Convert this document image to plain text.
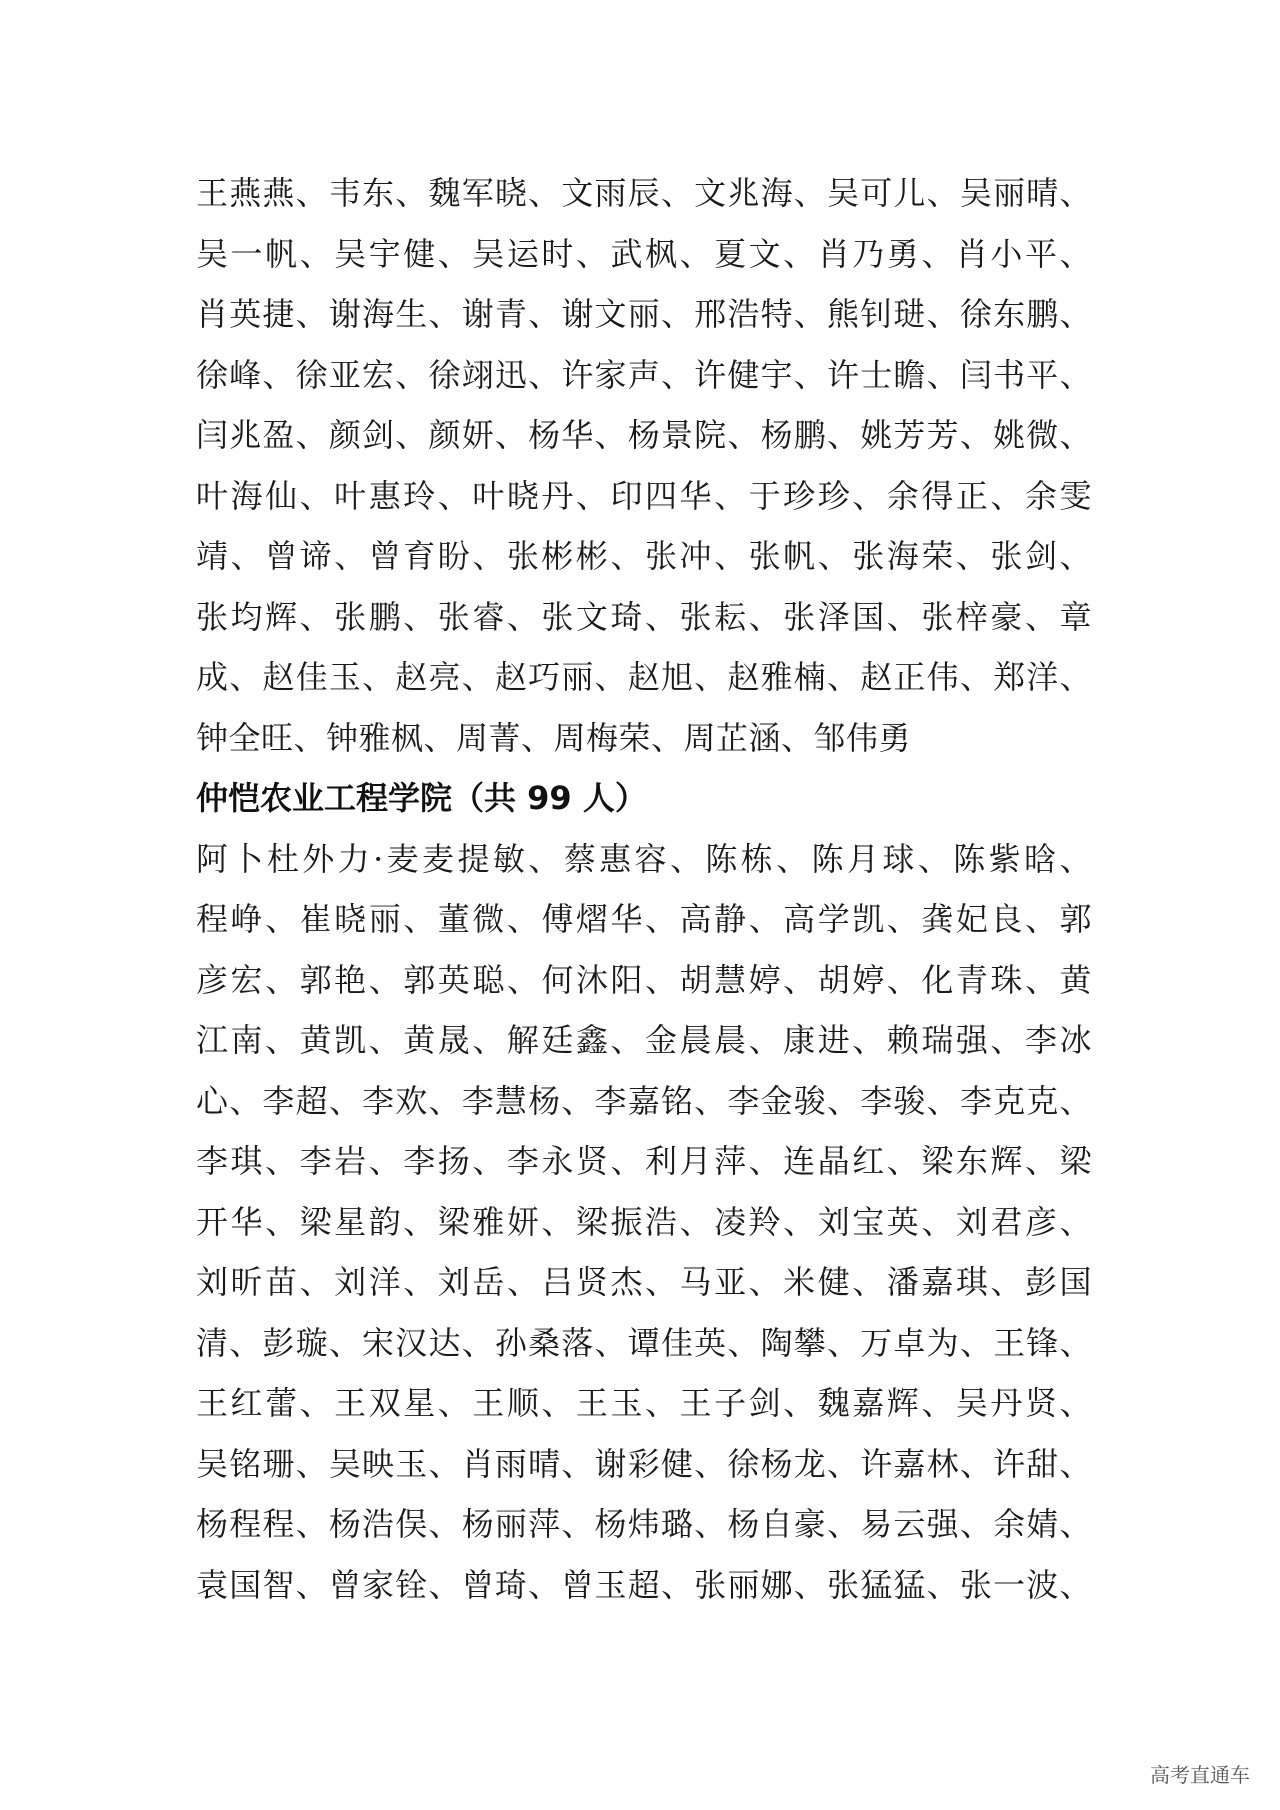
王燕燕、韦东、魏军晓、文雨辰、文兆海、吴可儿、吴丽晴、
吴一帆、吴宇健、吴运时、武枫、夏文、肖乃勇、肖小平、
肖英捷、谢海生、谢青、谢文丽、邢浩特、熊钊琎、徐东鹏、
徐峰、徐亚宏、徐翊迅、许家声、许健宇、许士瞻、闫书平、
闫兆盈、颜剑、颜妍、杨华、杨景院、杨鹏、姚芳芳、姚微、
叶海仙、叶惠玲、叶晓丹、印四华、于珍珍、余得正、余雯
靖、曾谛、曾育盼、张彬彬、张冲、张帆、张海荣、张剑、
张均辉、张鹏、张睿、张文琦、张耘、张泽国、张梓豪、章
成、赵佳玉、赵亮、赵巧丽、赵旭、赵雅楠、赵正伟、郑洋、
钟全旺、钟雅枫、周菁、周梅荣、周芷涵、邹伟勇
仲恺农业工程学院（共 99 人）
阿卜杜外力·麦麦提敏、蔡惠容、陈栋、陈月球、陈紫晗、
程峥、崔晓丽、董微、傅熠华、高静、高学凯、龚妃良、郭
彦宏、郭艳、郭英聪、何沐阳、胡慧婷、胡婷、化青珠、黄
江南、黄凯、黄晟、解廷鑫、金晨晨、康进、赖瑞强、李冰
心、李超、李欢、李慧杨、李嘉铭、李金骏、李骏、李克克、
李琪、李岩、李扬、李永贤、利月萍、连晶红、梁东辉、梁
开华、梁星韵、梁雅妍、梁振浩、凌羚、刘宝英、刘君彦、
刘昕苗、刘洋、刘岳、吕贤杰、马亚、米健、潘嘉琪、彭国
清、彭璇、宋汉达、孙桑落、谭佳英、陶攀、万卓为、王锋、
王红蕾、王双星、王顺、王玉、王子剑、魏嘉辉、吴丹贤、
吴铭珊、吴映玉、肖雨晴、谢彩健、徐杨龙、许嘉林、许甜、
杨程程、杨浩俣、杨丽萍、杨炜璐、杨自豪、易云强、余婧、
袁国智、曾家铨、曾琦、曾玉超、张丽娜、张猛猛、张一波、
高考直通车
